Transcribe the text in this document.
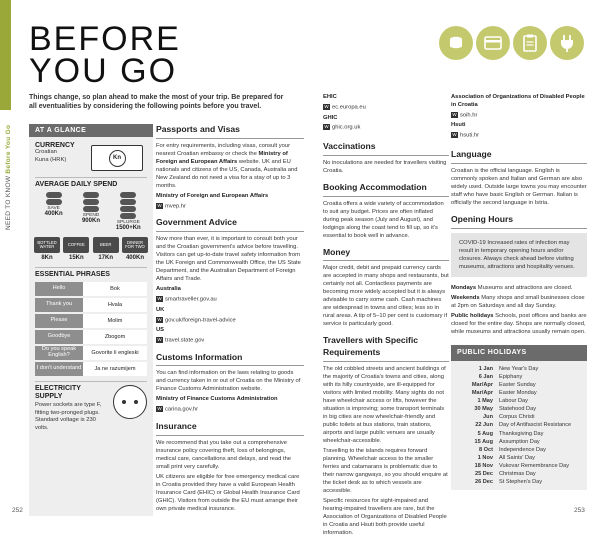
NEED TO KNOW Before You Go
BEFORE
YOU GO
Things change, so plan ahead to make the most of your trip. Be prepared for all eventualities by considering the following points before you travel.
AT A GLANCE
CURRENCY
Croatian
Kuna (HRK)	Kn
AVERAGE DAILY SPEND
SAVE
400Kn	SPEND
900Kn	SPLURGE
1500+Kn
BOTTLED WATER
8Kn
COFFEE
15Kn
BEER
17Kn
DINNER FOR TWO
400Kn
ESSENTIAL PHRASES
Hello	Bok
Thank you	Hvala
Please	Molim
Goodbye	Zbogom
Do you speak English?	Govorite li engleski
I don't understand	Ja ne razumijem
ELECTRICITY SUPPLY
Power sockets are type F, fitting two-pronged plugs. Standard voltage is 230 volts.
Passports and Visas

For entry requirements, including visas, consult your nearest Croatian embassy or check the Ministry of Foreign and European Affairs website. UK and EU nationals and citizens of the US, Canada, Australia and New Zealand do not need a visa for a stay of up to 3 months.

Ministry of Foreign and European Affairs

W mvep.hr

Government Advice

Now more than ever, it is important to consult both your and the Croatian government's advice before travelling. Visitors can get up-to-date travel safety information from the UK Foreign and Commonwealth Office, the US State Department, and the Australian Department of Foreign Affairs and Trade.

Australia

W smartraveller.gov.au

UK

W gov.uk/foreign-travel-advice

US

W travel.state.gov

Customs Information

You can find information on the laws relating to goods and currency taken in or out of Croatia on the Ministry of Finance Customs Administration website.

Ministry of Finance Customs Administration

W carina.gov.hr

Insurance

We recommend that you take out a comprehensive insurance policy covering theft, loss of belongings, medical care, cancellations and delays, and read the small print very carefully.

UK citizens are eligible for free emergency medical care in Croatia provided they have a valid European Health Insurance Card (EHIC) or Global Health Insurance Card (GHIC). Visitors from outside the EU must arrange their own private medical insurance.

EHIC

W ec.europa.eu

GHIC

W ghic.org.uk

Vaccinations

No inoculations are needed for travellers visiting Croatia.

Booking Accommodation

Croatia offers a wide variety of accommodation to suit any budget. Prices are often inflated during peak season (July and August), and lodgings along the coast tend to fill up, so it's essential to book well in advance.

Money

Major credit, debit and prepaid currency cards are accepted in many shops and restaurants, but certainly not all. Contactless payments are becoming more widely accepted but it is always advisable to carry some cash. Cash machines are widespread in towns and cities; less so in rural areas. A tip of 5–10 per cent is customary if service is particularly good.

Travellers with Specific Requirements

The old cobbled streets and ancient buildings of the majority of Croatia's towns and cities, along with its hilly countryside, are ill-equipped for visitors with limited mobility. Many sights do not have wheelchair access or lifts, however the situation is improving; some transport terminals in big cities are now wheelchair-friendly and public toilets at bus stations, train stations, airports and large public venues are usually wheelchair-accessible.

Travelling to the islands requires forward planning. Wheelchair access to the smaller ferries and catamarans is problematic due to their narrow gangways, so you should enquire at the ticket desk as to which vessels are accessible.

Specific resources for sight-impaired and hearing-impaired travellers are rare, but the Association of Organizations of Disabled People in Croatia and Hsuti both provide useful information.

Association of Organizations of Disabled People in Croatia

W soih.hr

Hsuti

W hsuti.hr

Language

Croatian is the official language. English is commonly spoken and Italian and German are also widely used. Outside large towns you may encounter staff who have basic English or German. Italian is officially the second language in Istria.

Opening Hours
COVID-19 Increased rates of infection may result in temporary opening hours and/or closures. Always check ahead before visiting museums, attractions and hospitality venues.

Mondays Museums and attractions are closed.

Weekends Many shops and small businesses close at 2pm on Saturdays and all day Sunday.

Public holidays Schools, post offices and banks are closed for the entire day. Shops are normally closed, while museums and attractions usually remain open.

PUBLIC HOLIDAYS
1 Jan	New Year's Day
6 Jan	Epiphany
Mar/Apr	Easter Sunday
Mar/Apr	Easter Monday
1 May	Labour Day
30 May	Statehood Day
Jun	Corpus Christi
22 Jun	Day of Antifascist Resistance
5 Aug	Thanksgiving Day
15 Aug	Assumption Day
8 Oct	Independence Day
1 Nov	All Saints' Day
18 Nov	Vukovar Remembrance Day
25 Dec	Christmas Day
26 Dec	St Stephen's Day
252	253
